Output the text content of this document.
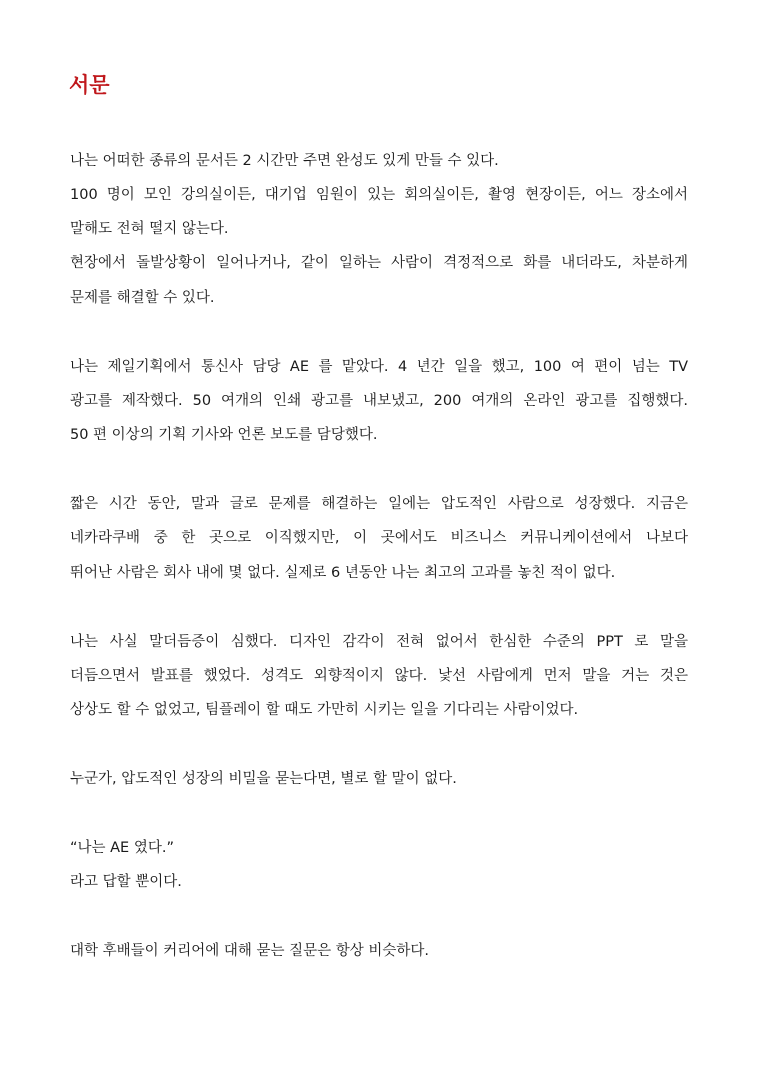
서문

나는 어떠한 종류의 문서든 2 시간만 주면 완성도 있게 만들 수 있다.

100 명이 모인 강의실이든, 대기업 임원이 있는 회의실이든, 촬영 현장이든, 어느 장소에서

말해도 전혀 떨지 않는다.

현장에서 돌발상황이 일어나거나, 같이 일하는 사람이 격정적으로 화를 내더라도, 차분하게

문제를 해결할 수 있다.

나는 제일기획에서 통신사 담당 AE 를 맡았다. 4 년간 일을 했고, 100 여 편이 넘는 TV

광고를 제작했다. 50 여개의 인쇄 광고를 내보냈고, 200 여개의 온라인 광고를 집행했다.

50 편 이상의 기획 기사와 언론 보도를 담당했다.

짧은 시간 동안, 말과 글로 문제를 해결하는 일에는 압도적인 사람으로 성장했다. 지금은

네카라쿠배 중 한 곳으로 이직했지만, 이 곳에서도 비즈니스 커뮤니케이션에서 나보다

뛰어난 사람은 회사 내에 몇 없다. 실제로 6 년동안 나는 최고의 고과를 놓친 적이 없다.

나는 사실 말더듬증이 심했다. 디자인 감각이 전혀 없어서 한심한 수준의 PPT 로 말을

더듬으면서 발표를 했었다. 성격도 외향적이지 않다. 낯선 사람에게 먼저 말을 거는 것은

상상도 할 수 없었고, 팀플레이 할 때도 가만히 시키는 일을 기다리는 사람이었다.

누군가, 압도적인 성장의 비밀을 묻는다면, 별로 할 말이 없다.

“나는 AE 였다.”

라고 답할 뿐이다.

대학 후배들이 커리어에 대해 묻는 질문은 항상 비슷하다.
